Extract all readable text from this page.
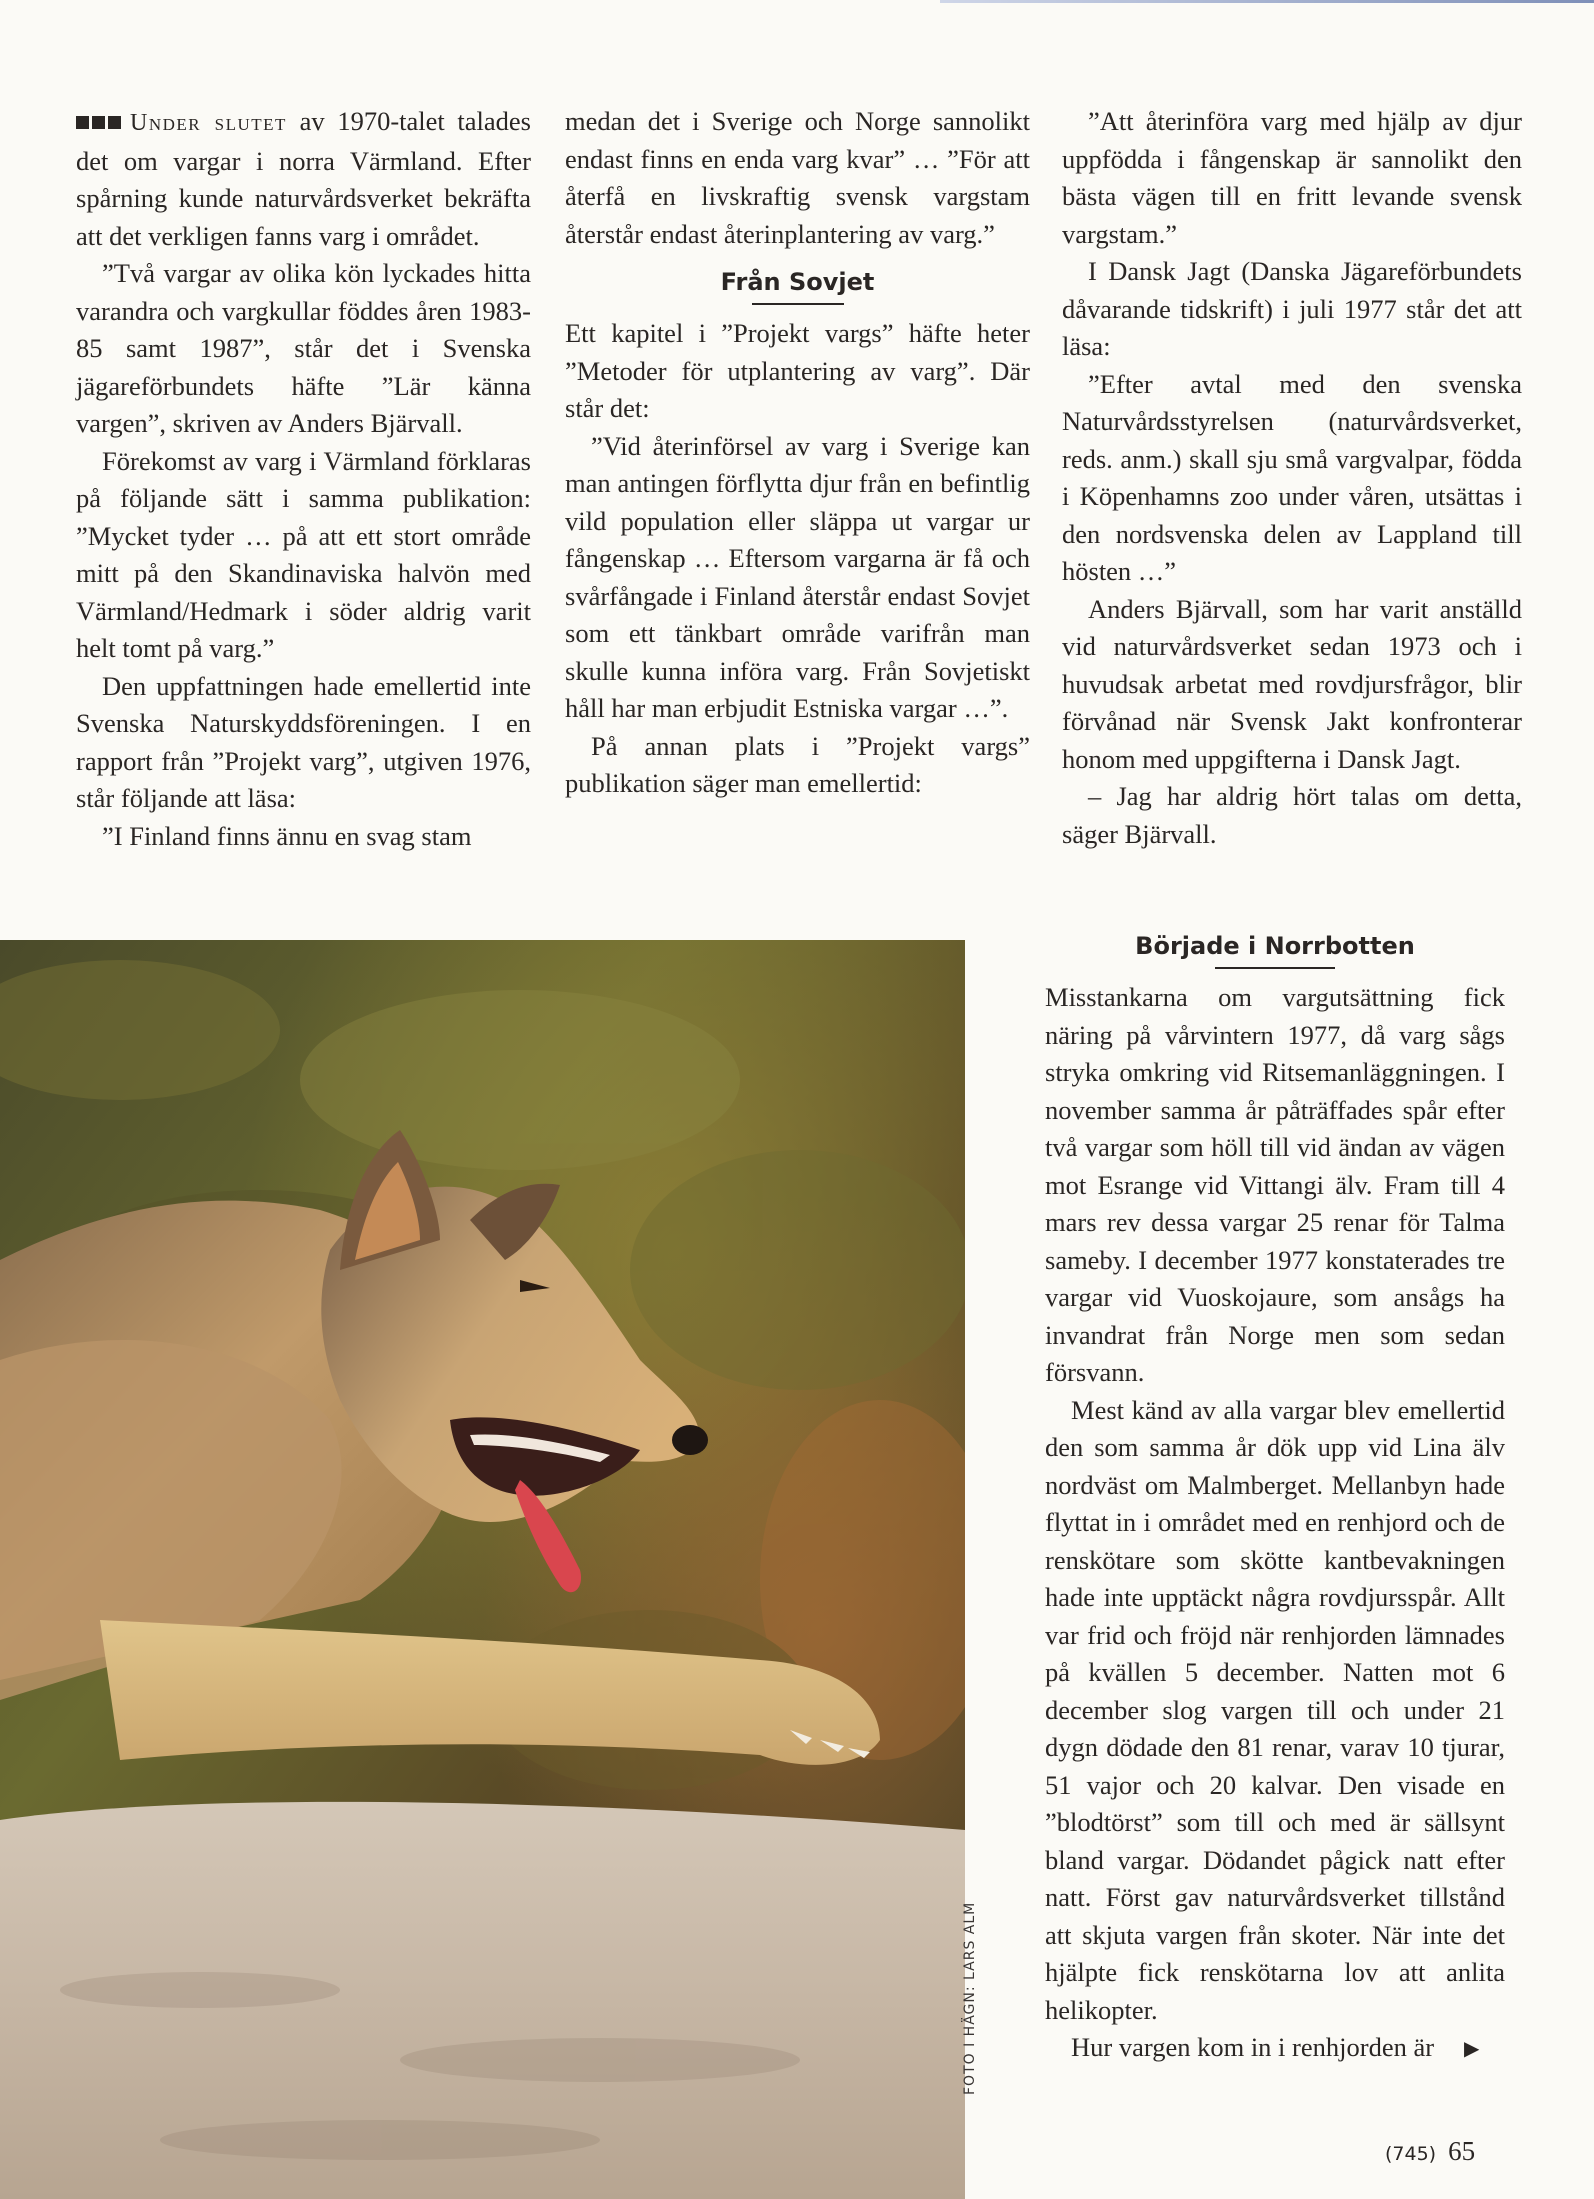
Under slutet av 1970-talet talades det om vargar i norra Värmland. Efter spårning kunde naturvårdsverket bekräfta att det verkligen fanns varg i området.

”Två vargar av olika kön lyckades hitta varandra och vargkullar föddes åren 1983-85 samt 1987”, står det i Svenska jägareförbundets häfte ”Lär känna vargen”, skriven av Anders Bjärvall.

Förekomst av varg i Värmland förklaras på följande sätt i samma publikation: ”Mycket tyder … på att ett stort område mitt på den Skandinaviska halvön med Värmland/Hedmark i söder aldrig varit helt tomt på varg.”

Den uppfattningen hade emellertid inte Svenska Naturskyddsföreningen. I en rapport från ”Projekt varg”, utgiven 1976, står följande att läsa:

”I Finland finns ännu en svag stam

medan det i Sverige och Norge sannolikt endast finns en enda varg kvar” … ”För att återfå en livskraftig svensk vargstam återstår endast återinplantering av varg.”

Från Sovjet

Ett kapitel i ”Projekt vargs” häfte heter ”Metoder för utplantering av varg”. Där står det:

”Vid återinförsel av varg i Sverige kan man antingen förflytta djur från en befintlig vild population eller släppa ut vargar ur fångenskap … Eftersom vargarna är få och svårfångade i Finland återstår endast Sovjet som ett tänkbart område varifrån man skulle kunna införa varg. Från Sovjetiskt håll har man erbjudit Estniska vargar …”.

På annan plats i ”Projekt vargs” publikation säger man emellertid:

”Att återinföra varg med hjälp av djur uppfödda i fångenskap är sannolikt den bästa vägen till en fritt levande svensk vargstam.”

I Dansk Jagt (Danska Jägareförbundets dåvarande tidskrift) i juli 1977 står det att läsa:

”Efter avtal med den svenska Naturvårdsstyrelsen (naturvårdsverket, reds. anm.) skall sju små vargvalpar, födda i Köpenhamns zoo under våren, utsättas i den nordsvenska delen av Lappland till hösten …”

Anders Bjärvall, som har varit anställd vid naturvårdsverket sedan 1973 och i huvudsak arbetat med rovdjursfrågor, blir förvånad när Svensk Jakt konfronterar honom med uppgifterna i Dansk Jagt.

– Jag har aldrig hört talas om detta, säger Bjärvall.

Började i Norrbotten

Misstankarna om vargutsättning fick näring på vårvintern 1977, då varg sågs stryka omkring vid Ritsemanläggningen. I november samma år påträffades spår efter två vargar som höll till vid ändan av vägen mot Esrange vid Vittangi älv. Fram till 4 mars rev dessa vargar 25 renar för Talma sameby. I december 1977 konstaterades tre vargar vid Vuoskojaure, som ansågs ha invandrat från Norge men som sedan försvann.

Mest känd av alla vargar blev emellertid den som samma år dök upp vid Lina älv nordväst om Malmberget. Mellanbyn hade flyttat in i området med en renhjord och de renskötare som skötte kantbevakningen hade inte upptäckt några rovdjursspår. Allt var frid och fröjd när renhjorden lämnades på kvällen 5 december. Natten mot 6 december slog vargen till och under 21 dygn dödade den 81 renar, varav 10 tjurar, 51 vajor och 20 kalvar. Den visade en ”blodtörst” som till och med är sällsynt bland vargar. Dödandet pågick natt efter natt. Först gav naturvårdsverket tillstånd att skjuta vargen från skoter. När inte det hjälpte fick renskötarna lov att anlita helikopter.

Hur vargen kom in i renhjorden är ▶

FOTO I HÄGN: LARS ALM
(745) 65
